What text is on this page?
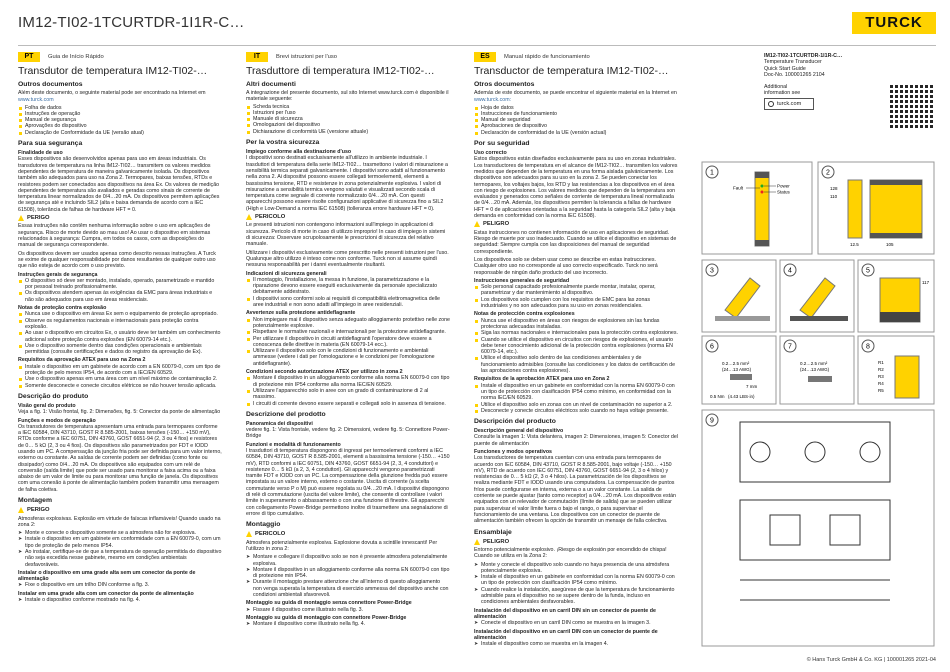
IM12-TI02-1TCURTDR-1I1R-C…	TURCK
PT	Guia de Início Rápido
Transdutor de temperatura IM12-TI02-…
Outros documentos
Além deste documento, o seguinte material pode ser encontrado na Internet em
www.turck.com
Folha de dados
Instruções de operação
Manual de segurança
Aprovações do dispositivo
Declaração de Conformidade da UE (versão atual)
Para sua segurança
Finalidade de uso
Esses dispositivos são desenvolvidos apenas para uso em áreas industriais. Os transdutores de temperatura na linha IM12-TI02… transmitem os valores medidos dependentes de temperatura de maneira galvanicamente isolada. Os dispositivos também são adequados para uso na Zona 2. Termopares, baixas tensões, RTDs e resistores podem ser conectados aos dispositivos na área Ex. Os valores de medição dependentes de temperatura são avaliados e geradas como sinais de corrente de temperatura linear normalizados de 0/4…20 mA. Os dispositivos permitem aplicações de segurança até e incluindo SIL2 (alta e baixa demanda de acordo com a IEC 61508), tolerância de falhas de hardware HFT = 0.
PERIGO
Essas instruções não contêm nenhuma informação sobre o uso em aplicações de segurança. Risco de morte devido ao mau uso! Ao usar o dispositivo em sistemas relacionados à segurança: Cumpra, em todos os casos, com as disposições do manual de segurança correspondente.
Os dispositivos devem ser usados apenas como descrito nessas instruções. A Turck se exime de qualquer responsabilidade por danos resultantes de qualquer outro uso que não esteja de acordo com o uso previsto.
Instruções gerais de segurança
O dispositivo só deve ser montado, instalado, operado, parametrizado e mantido por pessoal treinado profissionalmente.
Os dispositivos atendem apenas às exigências da EMC para áreas industriais e não são adequados para uso em áreas residenciais.
Notas de proteção contra explosão
Nunca use o dispositivo em áreas Ex sem o equipamento de proteção apropriado.
Observe os regulamentos nacionais e internacionais para proteção contra explosão.
Ao usar o dispositivo em circuitos Ex, o usuário deve ter também um conhecimento adicional sobre proteção contra explosões (EN 60079-14 etc.).
Use o dispositivo somente dentro das condições operacionais e ambientais permitidas (consulte certificações e dados do registro da aprovação de Ex).
Requisitos da aprovação ATEX para uso na Zona 2
Instale o dispositivo em um gabinete de acordo com a EN 60079-0, com um tipo de proteção de pelo menos IP54, de acordo com a IEC/EN 60529.
Use o dispositivo apenas em uma área com um nível máximo de contaminação 2.
Somente desconecte e conecte circuitos elétricos se não houver tensão aplicada.
Descrição do produto
Visão geral do produto
Veja a fig. 1: Visão frontal, fig. 2: Dimensões, fig. 5: Conector da ponte de alimentação
Funções e modos de operação
Os transdutores de temperatura apresentam uma entrada para termopares conforme a IEC 60584, DIN 43710, GOST R 8.585-2001, baixas tensões (-150… +150 mV), RTDs conforme a IEC 60751, DIN 43760, GOST 6651-94 (2, 3 ou 4 fios) e resistores de 0… 5 kΩ (2, 3 ou 4 fios). Os dispositivos são parametrizados por FDT e IODD usando um PC. A compensação da junção fria pode ser definida para um valor interno, externo ou constante. As saídas de corrente podem ser definidas (como fonte ou dissipador) como 0/4…20 mA. Os dispositivos são equipados com um relé de conversão (saída limite) que pode ser usado para monitorar a faixa acima ou a faixa abaixo de um valor de limite ou para monitorar uma função de janela. Os dispositivos com uma conexão à ponte de alimentação também podem transmitir uma mensagem de falha coletiva.
Montagem
PERIGO
Atmosferas explosivas. Explosão em virtude de faíscas inflamáveis! Quando usado na zona 2:
➤ Monte e conecte o dispositivo somente se a atmosfera não for explosiva.
➤ Instale o dispositivo em um gabinete em conformidade com a EN 60079-0, com um tipo de proteção de pelo menos IP54.
➤ Ao instalar, certifique-se de que a temperatura de operação permitida do dispositivo não seja excedida nesse gabinete, mesmo em condições ambientais desfavoráveis.
Instalar o dispositivo em uma grade alta sem um conector da ponte de alimentação
➤ Fixe o dispositivo em um trilho DIN conforme a fig. 3.
Instalar em uma grade alta com um conector da ponte de alimentação
➤ Instale o dispositivo conforme mostrado na fig. 4.
IT	Brevi istruzioni per l'uso
Trasduttore di temperatura IM12-TI02-…
Altri documenti
A integrazione del presente documento, sul sito Internet www.turck.com è disponibile il materiale seguente:
Scheda tecnica
Istruzioni per l'uso
Manuale di sicurezza
Omologazioni del dispositivo
Dichiarazione di conformità UE (versione attuale)
Per la vostra sicurezza
Impiego conforme alla destinazione d'uso
I dispositivi sono destinati esclusivamente all'utilizzo in ambiente industriale. I trasduttori di temperatura della serie IM12-TI02… trasmettono i valori di misurazione a sensibilità termica separati galvanicamente. I dispositivi sono adatti al funzionamento nella zona 2. Ai dispositivi possono essere collegati termoelementi, elementi a bassissima tensione, RTD e resistenze in zona potenzialmente esplosiva. I valori di misurazione a sensibilità termica vengono valutati e visualizzati secondo scala di temperatura come segnale di corrente normalizzato 0/4…20 mA. Con questi apparecchi possono essere risolte configurazioni applicative di sicurezza fino a SIL2 (High e Low-Demand a norma IEC 61508) (tolleranza errore hardware HFT = 0).
PERICOLO
Le presenti istruzioni non contengono informazioni sull'impiego in applicazioni di sicurezza. Pericolo di morte in caso di utilizzo improprio! In caso di impiego in sistemi di sicurezza: Osservare scrupolosamente le prescrizioni di sicurezza del relativo manuale.
Utilizzare i dispositivi esclusivamente come prescritto nelle presenti istruzioni per l'uso. Qualunque altro utilizzo è inteso come non conforme. Turck non si assume quindi nessuna responsabilità per i danni eventualmente risultanti.
Indicazioni di sicurezza generali
Il montaggio, l'installazione, la messa in funzione, la parametrizzazione e la riparazione devono essere eseguiti esclusivamente da personale specializzato debitamente addestrato.
I dispositivi sono conformi solo ai requisiti di compatibilità elettromagnetica delle aree industriali e non sono adatti all'impiego in aree residenziali.
Avvertenze sulla protezione antideflagrante
Non impiegare mai il dispositivo senza adeguato alloggiamento protettivo nelle zone potenzialmente esplosive.
Rispettare le normative nazionali e internazionali per la protezione antideflagrante.
Per utilizzare il dispositivo in circuiti antideflagranti l'operatore deve essere a conoscenza delle direttive in materia (EN 60079-14 ecc.).
Utilizzare il dispositivo solo con le condizioni di funzionamento e ambientali ammesse (vedere i dati per l'omologazione e le condizioni per l'omologazione antideflagrante).
Condizioni secondo autorizzazione ATEX per utilizzo in zona 2
Montare il dispositivo in un alloggiamento conforme alla norma EN 60079-0 con tipo di protezione min IP54 conforme alla norma IEC/EN 60529.
Utilizzare l'apparecchio solo in aree con un grado di contaminazione di 2 al massimo.
I circuiti di corrente devono essere separati e collegati solo in assenza di tensione.
Descrizione del prodotto
Panoramica dei dispositivi
vedere fig. 1: Vista frontale, vedere fig. 2: Dimensioni, vedere fig. 5: Connettore Power-Bridge
Funzioni e modalità di funzionamento
I trasduttori di temperatura dispongono di ingressi per termoelementi conformi a IEC 60584, DIN 43710, GOST R 8.585-2001, elementi a bassissima tensione (-150… +150 mV), RTD conformi a IEC 60751, DIN 43760, GOST 6651-94 (2, 3, 4 conduttori) e resistenze 0… 5 kΩ (a 2, 3, 4 conduttori). Gli apparecchi vengono parametrizzati tramite FDT e IODD con un PC. La compensazione della giunzione fredda può essere impostata su un valore interno, esterno o costante. Uscita di corrente (a scelta commutante verso P o M) può essere regolata su 0/4…20 mA. I dispositivi dispongono di relè di commutazione (uscita del valore limite), che consente di controllare i valori limite in superamento o abbassamento o con una funzione di finestre. Gli apparecchi con collegamento Power-Bridge permettono inoltre di trasmettere una segnalazione di errore di tipo cumulativo.
Montaggio
PERICOLO
Atmosfera potenzialmente esplosiva. Esplosione dovuta a scintille innescanti! Per l'utilizzo in zona 2:
➤ Montare e collegare il dispositivo solo se non è presente atmosfera potenzialmente esplosiva.
➤ Montare il dispositivo in un alloggiamento conforme alla norma EN 60079-0 con tipo di protezione min IP54.
➤ Durante il montaggio prestare attenzione che all'interno di questo alloggiamento non venga superata la temperatura di esercizio ammessa del dispositivo anche con condizioni ambientali sfavorevoli.
Montaggio su guida di montaggio senza connettore Power-Bridge
➤ Fissare il dispositivo come illustrato nella fig. 3.
Montaggio su guida di montaggio con connettore Power-Bridge
➤ Montare il dispositivo come illustrato nella fig. 4.
ES	Manual rápido de funcionamiento
Transductor de temperatura IM12-TI02-…
Otros documentos
Además de este documento, se puede encontrar el siguiente material en la Internet en
www.turck.com:
Hoja de datos
Instrucciones de funcionamiento
Manual de seguridad
Aprobaciones de dispositivo
Declaración de conformidad de la UE (versión actual)
Por su seguridad
Uso correcto
Estos dispositivos están diseñados exclusivamente para su uso en zonas industriales. Los transductores de temperatura en el alcance de IM12-TI02… transmiten los valores medidos que dependen de la temperatura en una forma aislada galvánicamente. Los dispositivos son adecuados para su uso en la zona 2. Se pueden conectar los termopares, los voltajes bajos, los RTD y las resistencias a los dispositivos en el área con riesgo de explosiones. Los valores medidos que dependen de la temperatura son evaluados y generados como señales de corriente de temperatura lineal normalizada de 0/4…20 mA. Además, los dispositivos permiten la tolerancia a fallas de hardware HFT = 0 de aplicaciones orientadas a la seguridad hasta la categoría SIL2 (alta y baja demanda en conformidad con la norma IEC 61508).
PELIGRO
Estas instrucciones no contienen información de uso en aplicaciones de seguridad. Riesgo de muerte por uso inadecuado. Cuando se utilice el dispositivo en sistemas de seguridad: Siempre cumpla con las disposiciones del manual de seguridad correspondiente.
Los dispositivos solo se deben usar como se describe en estas instrucciones. Cualquier otro uso no corresponde al uso correcto especificado. Turck no será responsable de ningún daño producto del uso incorrecto.
Instrucciones generales de seguridad
Solo personal capacitado profesionalmente puede montar, instalar, operar, parametrizar y dar mantenimiento al dispositivo.
Los dispositivos solo cumplen con los requisitos de EMC para las zonas industriales y no son adecuados para su uso en zonas residenciales.
Notas de protección contra explosiones
Nunca use el dispositivo en áreas con riesgos de explosiones sin las fundas protectoras adecuadas instaladas.
Siga las normas nacionales e internacionales para la protección contra explosiones.
Cuando se utilice el dispositivo en circuitos con riesgos de explosiones, el usuario debe tener conocimiento adicional de la protección contra explosiones (norma EN 60079-14, etc.).
Utilice el dispositivo solo dentro de las condiciones ambientales y de funcionamiento admisibles (consulte las condiciones y los datos de certificación de las aprobaciones contra explosiones).
Requisitos de la aprobación ATEX para uso en Zona 2
Instale el dispositivo en un gabinete en conformidad con la norma EN 60079-0 con un tipo de protección con clasificación IP54 como mínimo, en conformidad con la norma IEC/EN 60529.
Utilice el dispositivo solo en zonas con un nivel de contaminación no superior a 2.
Desconecte y conecte circuitos eléctricos solo cuando no haya voltaje presente.
Descripción del producto
Descripción general del dispositivo
Consulte la imagen 1: Vista delantera, imagen 2: Dimensiones, imagen 5: Conector del puente de alimentación
Funciones y modos operativos
Los transductores de temperatura cuentan con una entrada para termopares de acuerdo con IEC 60584, DIN 43710, GOST R 8.585-2001, bajo voltaje (-150… +150 mV), RTD de acuerdo con IEC 60751, DIN 43760, GOST 6651-94 (2, 3 o 4 hilos) y resistencias de 0… 5 kΩ (2, 3 o 4 hilos). La parametrización de los dispositivos se realiza mediante FDT e IODD usando una computadora. La compensación de puntos fríos puede configurarse en interna, externa o a un valor constante. La salida de corriente se puede ajustar (tanto como receptor) a 0/4…20 mA. Los dispositivos están equipados con un relevador de conmutación (límite de salida) que se pueden utilizar para supervisar el valor límite fuera o bajo el rango, o para supervisar el funcionamiento de una ventana. Los dispositivos con un conector de puente de alimentación también ofrecen la opción de transmitir un mensaje de falla colectiva.
Ensamblaje
PELIGRO
Entorno potencialmente explosivo. ¡Riesgo de explosión por encendido de chispa! Cuando se utiliza en la Zona 2:
➤ Monte y conecte el dispositivo solo cuando no haya presencia de una atmósfera potencialmente explosiva.
➤ Instale el dispositivo en un gabinete en conformidad con la norma EN 60079-0 con un tipo de protección con clasificación IP54 como mínimo.
➤ Cuando realice la instalación, asegúrese de que la temperatura de funcionamiento admisible para el dispositivo no se supere dentro de la funda, incluso en condiciones ambientales desfavorables.
Instalación del dispositivo en un carril DIN sin un conector de puente de alimentación
➤ Conecte el dispositivo en un carril DIN como se muestra en la imagen 3.
Instalación del dispositivo en un carril DIN con un conector de puente de alimentación
➤ Instale el dispositivo como se muestra en la imagen 4.
IM12-TI02-1TCURTDR-1I1R-C…
Temperature Transducer
Quick Start Guide
Doc-No. 100001265 2104
Additional
information see
turck.com
1
Power
Status
Fault
2
128
110
105
12.5
3	4	5
117
6
0.2…2.5 mm²
(24…13 AWG)
7 mm
0.5 Nm (4.43 LBS·in)
7
0.2…2.5 mm²
(24…13 AWG)
8
R1
R2
R3
R4
R5
9
© Hans Turck GmbH & Co. KG | 100001265 2021-04
